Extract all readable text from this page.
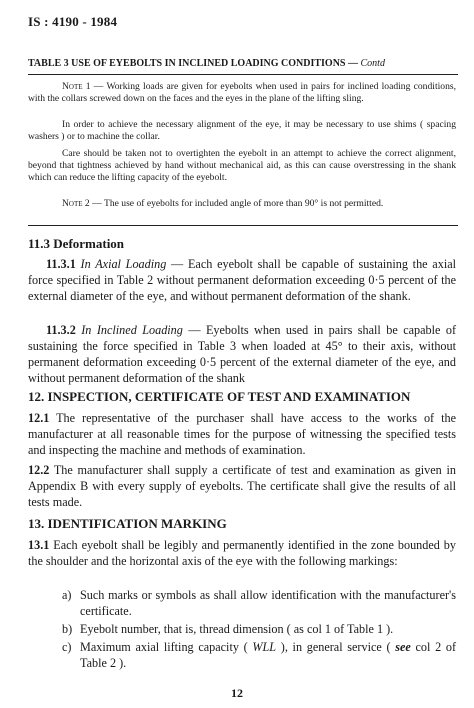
IS : 4190 - 1984
TABLE 3 USE OF EYEBOLTS IN INCLINED LOADING CONDITIONS — Contd
Note 1 — Working loads are given for eyebolts when used in pairs for inclined loading conditions, with the collars screwed down on the faces and the eyes in the plane of the lifting sling.
In order to achieve the necessary alignment of the eye, it may be necessary to use shims ( spacing washers ) or to machine the collar.
Care should be taken not to overtighten the eyebolt in an attempt to achieve the correct alignment, beyond that tightness achieved by hand without mechanical aid, as this can cause overstressing in the shank which can reduce the lifting capacity of the eyebolt.
Note 2 — The use of eyebolts for included angle of more than 90° is not permitted.
11.3 Deformation
11.3.1 In Axial Loading — Each eyebolt shall be capable of sustaining the axial force specified in Table 2 without permanent deformation exceeding 0·5 percent of the external diameter of the eye, and without permanent deformation of the shank.
11.3.2 In Inclined Loading — Eyebolts when used in pairs shall be capable of sustaining the force specified in Table 3 when loaded at 45° to their axis, without permanent deformation exceeding 0·5 percent of the external diameter of the eye, and without permanent deformation of the shank
12. INSPECTION, CERTIFICATE OF TEST AND EXAMINATION
12.1 The representative of the purchaser shall have access to the works of the manufacturer at all reasonable times for the purpose of witnessing the specified tests and inspecting the machine and methods of examination.
12.2 The manufacturer shall supply a certificate of test and examination as given in Appendix B with every supply of eyebolts. The certificate shall give the results of all tests made.
13. IDENTIFICATION MARKING
13.1 Each eyebolt shall be legibly and permanently identified in the zone bounded by the shoulder and the horizontal axis of the eye with the following markings:
a) Such marks or symbols as shall allow identification with the manufacturer's certificate.
b) Eyebolt number, that is, thread dimension ( as col 1 of Table 1 ).
c) Maximum axial lifting capacity ( WLL ), in general service ( see col 2 of Table 2 ).
12
